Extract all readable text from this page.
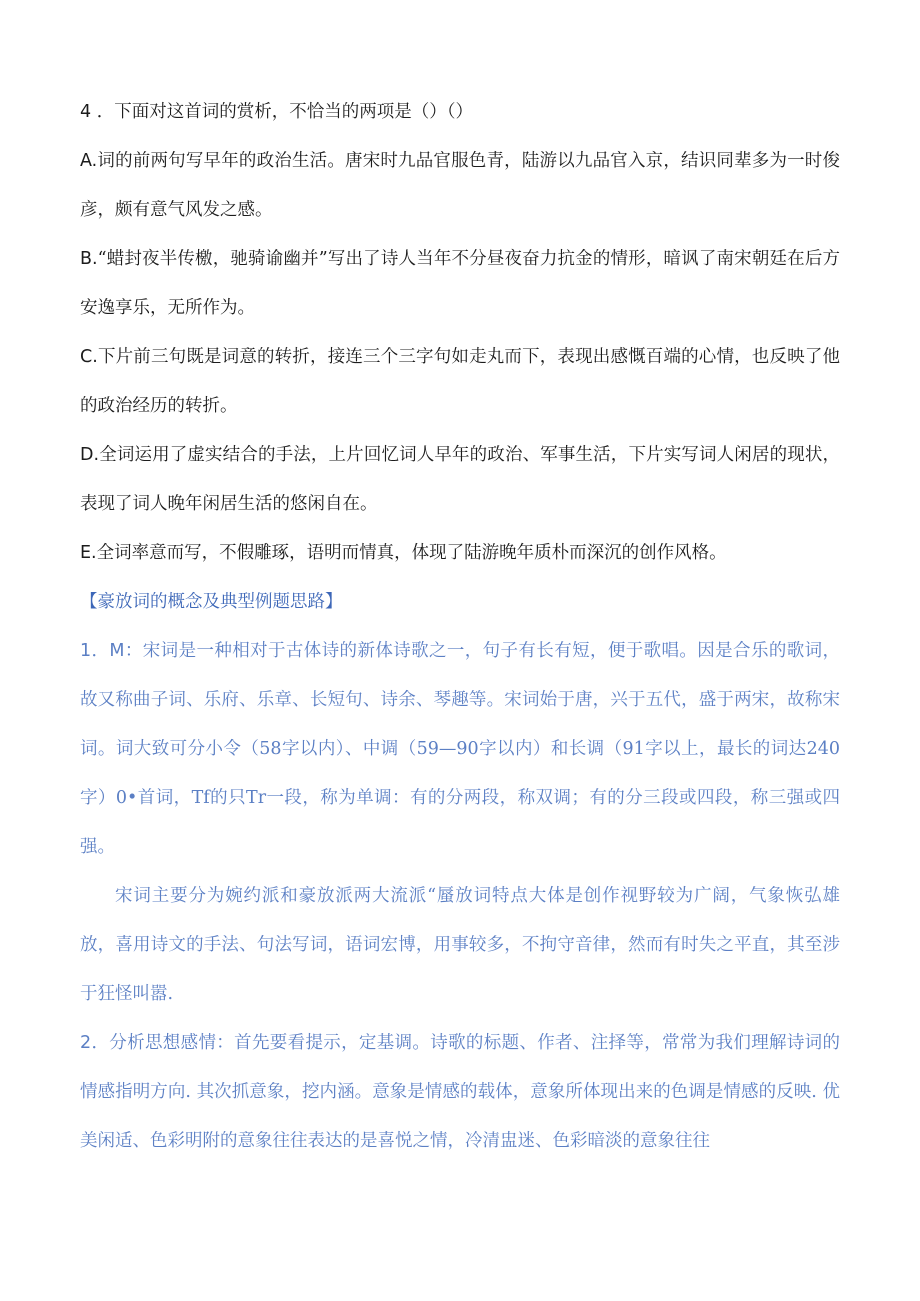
4 ．下面对这首词的赏析，不恰当的两项是（）（）

A.词的前两句写早年的政治生活。唐宋时九品官服色青，陆游以九品官入京，结识同辈多为一时俊彦，颇有意气风发之感。

B.“蜡封夜半传檄，驰骑谕幽并”写出了诗人当年不分昼夜奋力抗金的情形，暗讽了南宋朝廷在后方安逸享乐，无所作为。

C.下片前三句既是词意的转折，接连三个三字句如走丸而下，表现出感慨百端的心情，也反映了他的政治经历的转折。

D.全词运用了虚实结合的手法，上片回忆词人早年的政治、军事生活，下片实写词人闲居的现状，表现了词人晚年闲居生活的悠闲自在。

E.全词率意而写，不假雕琢，语明而情真，体现了陆游晚年质朴而深沉的创作风格。

【豪放词的概念及典型例题思路】

1．M：宋词是一种相对于古体诗的新体诗歌之一，句子有长有短，便于歌唱。因是合乐的歌词，故又称曲子词、乐府、乐章、长短句、诗余、琴趣等。宋词始于唐，兴于五代，盛于两宋，故称宋词。词大致可分小令（58字以内）、中调（59—90字以内）和长调（91字以上，最长的词达240字）0•首词，Tf的只Tr一段，称为单调：有的分两段，称双调；有的分三段或四段，称三强或四强。

宋词主要分为婉约派和豪放派两大流派“蜃放词特点大体是创作视野较为广阔，气象恢弘雄放，喜用诗文的手法、句法写词，语词宏博，用事较多，不拘守音律，然而有时失之平直，其至涉于狂怪叫嚣.

2．分析思想感情：首先要看提示，定基调。诗歌的标题、作者、注择等，常常为我们理解诗词的情感指明方向. 其次抓意象，挖内涵。意象是情感的载体，意象所体现出来的色调是情感的反映. 优美闲适、色彩明附的意象往往表达的是喜悦之情，冷清盅迷、色彩暗淡的意象往往
